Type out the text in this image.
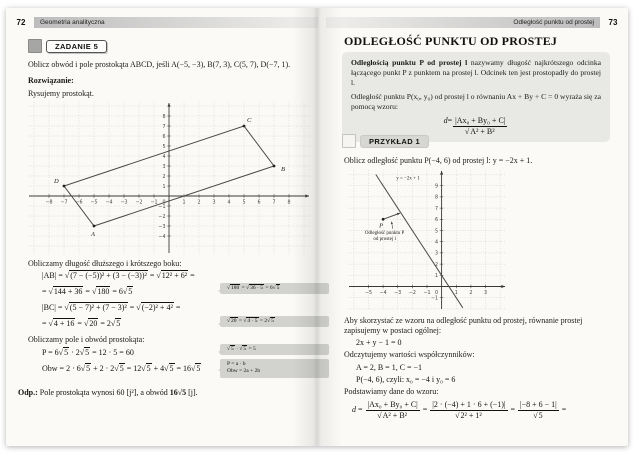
72	Geometria analityczna
ZADANIE 5

Oblicz obwód i pole prostokąta ABCD, jeśli A(−5, −3), B(7, 3), C(5, 7), D(−7, 1).

Rozwiązanie:

Rysujemy prostokąt.

−8 −7 −6 −5 −4 −3 −2 −1	1 2 3 4 5 6 7 8
−4
−3
−2
−1
1
2
3
4
5
6
7
8
0
A
B
C
D

Obliczamy długość dłuższego i krótszego boku:

|AB| = √(7 − (−5))² + (3 − (−3))² = √12² + 6² =
= √144 + 36 = √180 = 6√5
|BC| = √(5 − 7)² + (7 − 3)² = √(−2)² + 4² =
= √4 + 16 = √20 = 2√5

Obliczamy pole i obwód prostokąta:

P = 6√5 · 2√5 = 12 · 5 = 60
Obw = 2 · 6√5 + 2 · 2√5 = 12√5 + 4√5 = 16√5
√180 = √36 · 5 = 6√5
√20 = √4 · 5 = 2√5
√5 · √5 = 5
P = a · b
Obw = 2a + 2b
Odp.: Pole prostokąta wynosi 60 [j²], a obwód 16√5 [j].
Odległość punktu od prostej	73
ODLEGŁOŚĆ PUNKTU OD PROSTEJ

Odległością punktu P od prostej l nazywamy długość najkrótszego odcinka łączącego punkt P z punktem na prostej l. Odcinek ten jest prostopadły do prostej l.

Odległość punktu P(x₀, y₀) od prostej l o równaniu Ax + By + C = 0 wyraża się za pomocą wzoru:

$d = \frac{\text{|Ax₀ + By₀ + C|}}{\text{√A² + B²}}$
PRZYKŁAD 1

Oblicz odległość punktu P(−4, 6) od prostej l: y = −2x + 1.

−5 −4 −3 −2 −1	1 2 3
−1
1
2
3
4
5
6
7
8
9
0
y = −2x + 1
P
Odległość punktu P
od prostej l

Aby skorzystać ze wzoru na odległość punktu od prostej, równanie prostej zapisujemy w postaci ogólnej:

2x + y − 1 = 0

Odczytujemy wartości współczynników:

A = 2, B = 1, C = −1
P(−4, 6), czyli: x₀ = −4 i y₀ = 6

Podstawiamy dane do wzoru:

$d = \frac{\text{|Ax₀ + By₀ + C|}}{\text{√A² + B²}} = \frac{|2 \cdot (-4) + 1 \cdot 6 + (-1)|}{\text{√2² + 1²}} = \frac{|-8 + 6 - 1|}{√5}$ =
